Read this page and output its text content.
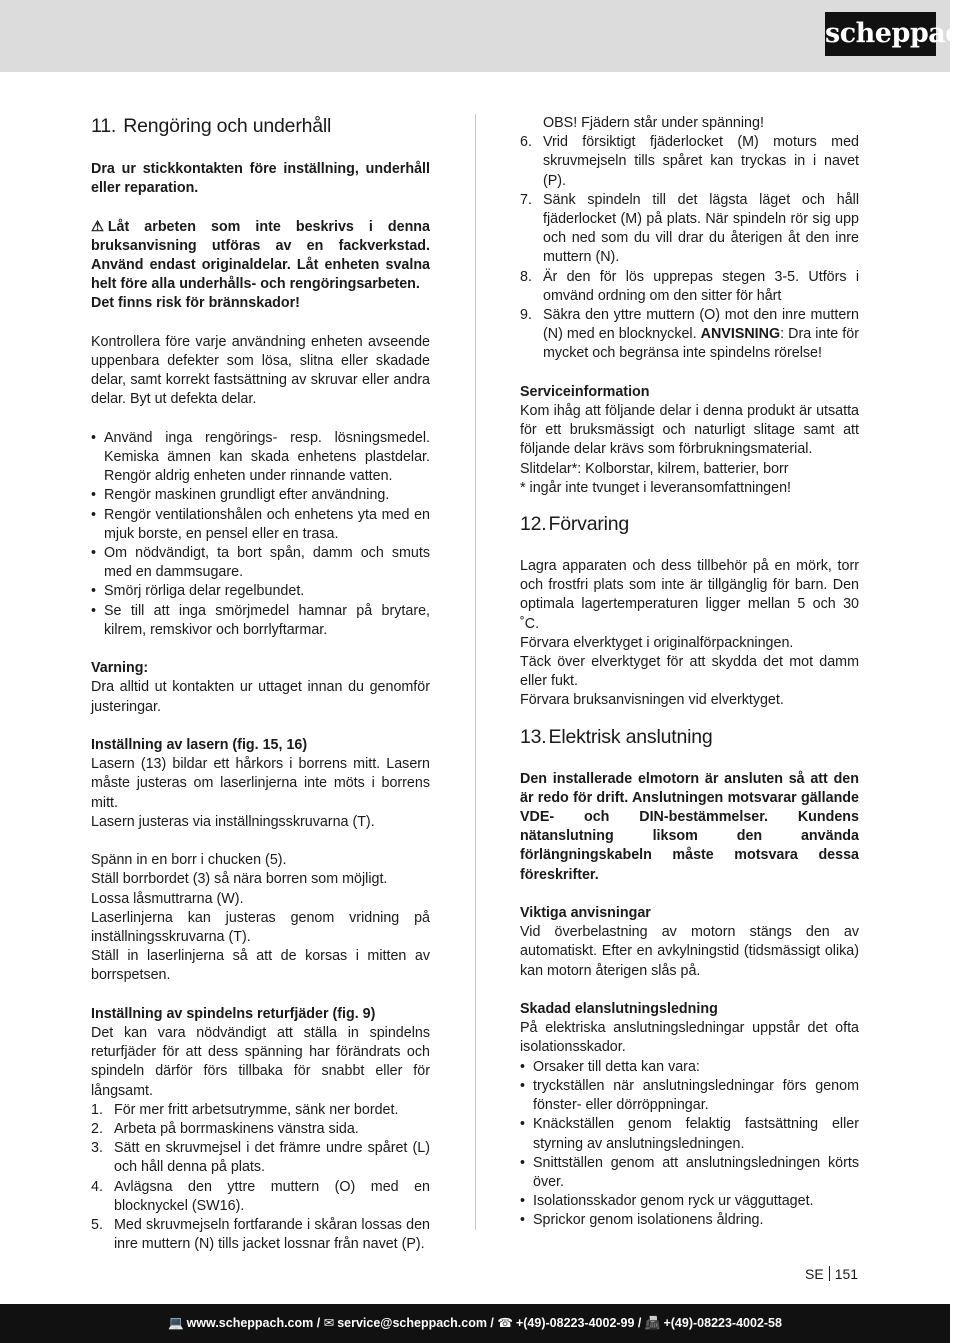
scheppach
11. Rengöring och underhåll

Dra ur stickkontakten före inställning, underhåll eller reparation.

⚠ Låt arbeten som inte beskrivs i denna bruksanvisning utföras av en fackverkstad. Använd endast originaldelar. Låt enheten svalna helt före alla underhålls- och rengöringsarbeten.

Det finns risk för brännskador!

Kontrollera före varje användning enheten avseende uppenbara defekter som lösa, slitna eller skadade delar, samt korrekt fastsättning av skruvar eller andra delar. Byt ut defekta delar.

• Använd inga rengörings- resp. lösningsmedel. Kemiska ämnen kan skada enhetens plastdelar. Rengör aldrig enheten under rinnande vatten.
• Rengör maskinen grundligt efter användning.
• Rengör ventilationshålen och enhetens yta med en mjuk borste, en pensel eller en trasa.
• Om nödvändigt, ta bort spån, damm och smuts med en dammsugare.
• Smörj rörliga delar regelbundet.
• Se till att inga smörjmedel hamnar på brytare, kilrem, remskivor och borrlyftarmar.

Varning:

Dra alltid ut kontakten ur uttaget innan du genomför justeringar.

Inställning av lasern (fig. 15, 16)

Lasern (13) bildar ett hårkors i borrens mitt. Lasern måste justeras om laserlinjerna inte möts i borrens mitt.

Lasern justeras via inställningsskruvarna (T).

Spänn in en borr i chucken (5).

Ställ borrbordet (3) så nära borren som möjligt.

Lossa låsmuttrarna (W).

Laserlinjerna kan justeras genom vridning på inställningsskruvarna (T).

Ställ in laserlinjerna så att de korsas i mitten av borrspetsen.

Inställning av spindelns returfjäder (fig. 9)

Det kan vara nödvändigt att ställa in spindelns returfjäder för att dess spänning har förändrats och spindeln därför förs tillbaka för snabbt eller för långsamt.

1. För mer fritt arbetsutrymme, sänk ner bordet.
2. Arbeta på borrmaskinens vänstra sida.
3. Sätt en skruvmejsel i det främre undre spåret (L) och håll denna på plats.
4. Avlägsna den yttre muttern (O) med en blocknyckel (SW16).
5. Med skruvmejseln fortfarande i skåran lossas den inre muttern (N) tills jacket lossnar från navet (P).

OBS! Fjädern står under spänning!

6. Vrid försiktigt fjäderlocket (M) moturs med skruvmejseln tills spåret kan tryckas in i navet (P).
7. Sänk spindeln till det lägsta läget och håll fjäderlocket (M) på plats. När spindeln rör sig upp och ned som du vill drar du återigen åt den inre muttern (N).
8. Är den för lös upprepas stegen 3-5. Utförs i omvänd ordning om den sitter för hårt
9. Säkra den yttre muttern (O) mot den inre muttern (N) med en blocknyckel. ANVISNING: Dra inte för mycket och begränsa inte spindelns rörelse!

Serviceinformation

Kom ihåg att följande delar i denna produkt är utsatta för ett bruksmässigt och naturligt slitage samt att följande delar krävs som förbrukningsmaterial.

Slitdelar*: Kolborstar, kilrem, batterier, borr

* ingår inte tvunget i leveransomfattningen!

12. Förvaring

Lagra apparaten och dess tillbehör på en mörk, torr och frostfri plats som inte är tillgänglig för barn. Den optimala lagertemperaturen ligger mellan 5 och 30 ˚C.

Förvara elverktyget i originalförpackningen.

Täck över elverktyget för att skydda det mot damm eller fukt.

Förvara bruksanvisningen vid elverktyget.

13. Elektrisk anslutning

Den installerade elmotorn är ansluten så att den är redo för drift. Anslutningen motsvarar gällande VDE- och DIN-bestämmelser. Kundens nätanslutning liksom den använda förlängningskabeln måste motsvara dessa föreskrifter.

Viktiga anvisningar

Vid överbelastning av motorn stängs den av automatiskt. Efter en avkylningstid (tidsmässigt olika) kan motorn återigen slås på.

Skadad elanslutningsledning

På elektriska anslutningsledningar uppstår det ofta isolationsskador.

• Orsaker till detta kan vara:
• tryckställen när anslutningsledningar förs genom fönster- eller dörröppningar.
• Knäckställen genom felaktig fastsättning eller styrning av anslutningsledningen.
• Snittställen genom att anslutningsledningen körts över.
• Isolationsskador genom ryck ur vägguttaget.
• Sprickor genom isolationens åldring.
SE 151
💻 www.scheppach.com / ✉ service@scheppach.com / ☎ +(49)-08223-4002-99 / 📠 +(49)-08223-4002-58
